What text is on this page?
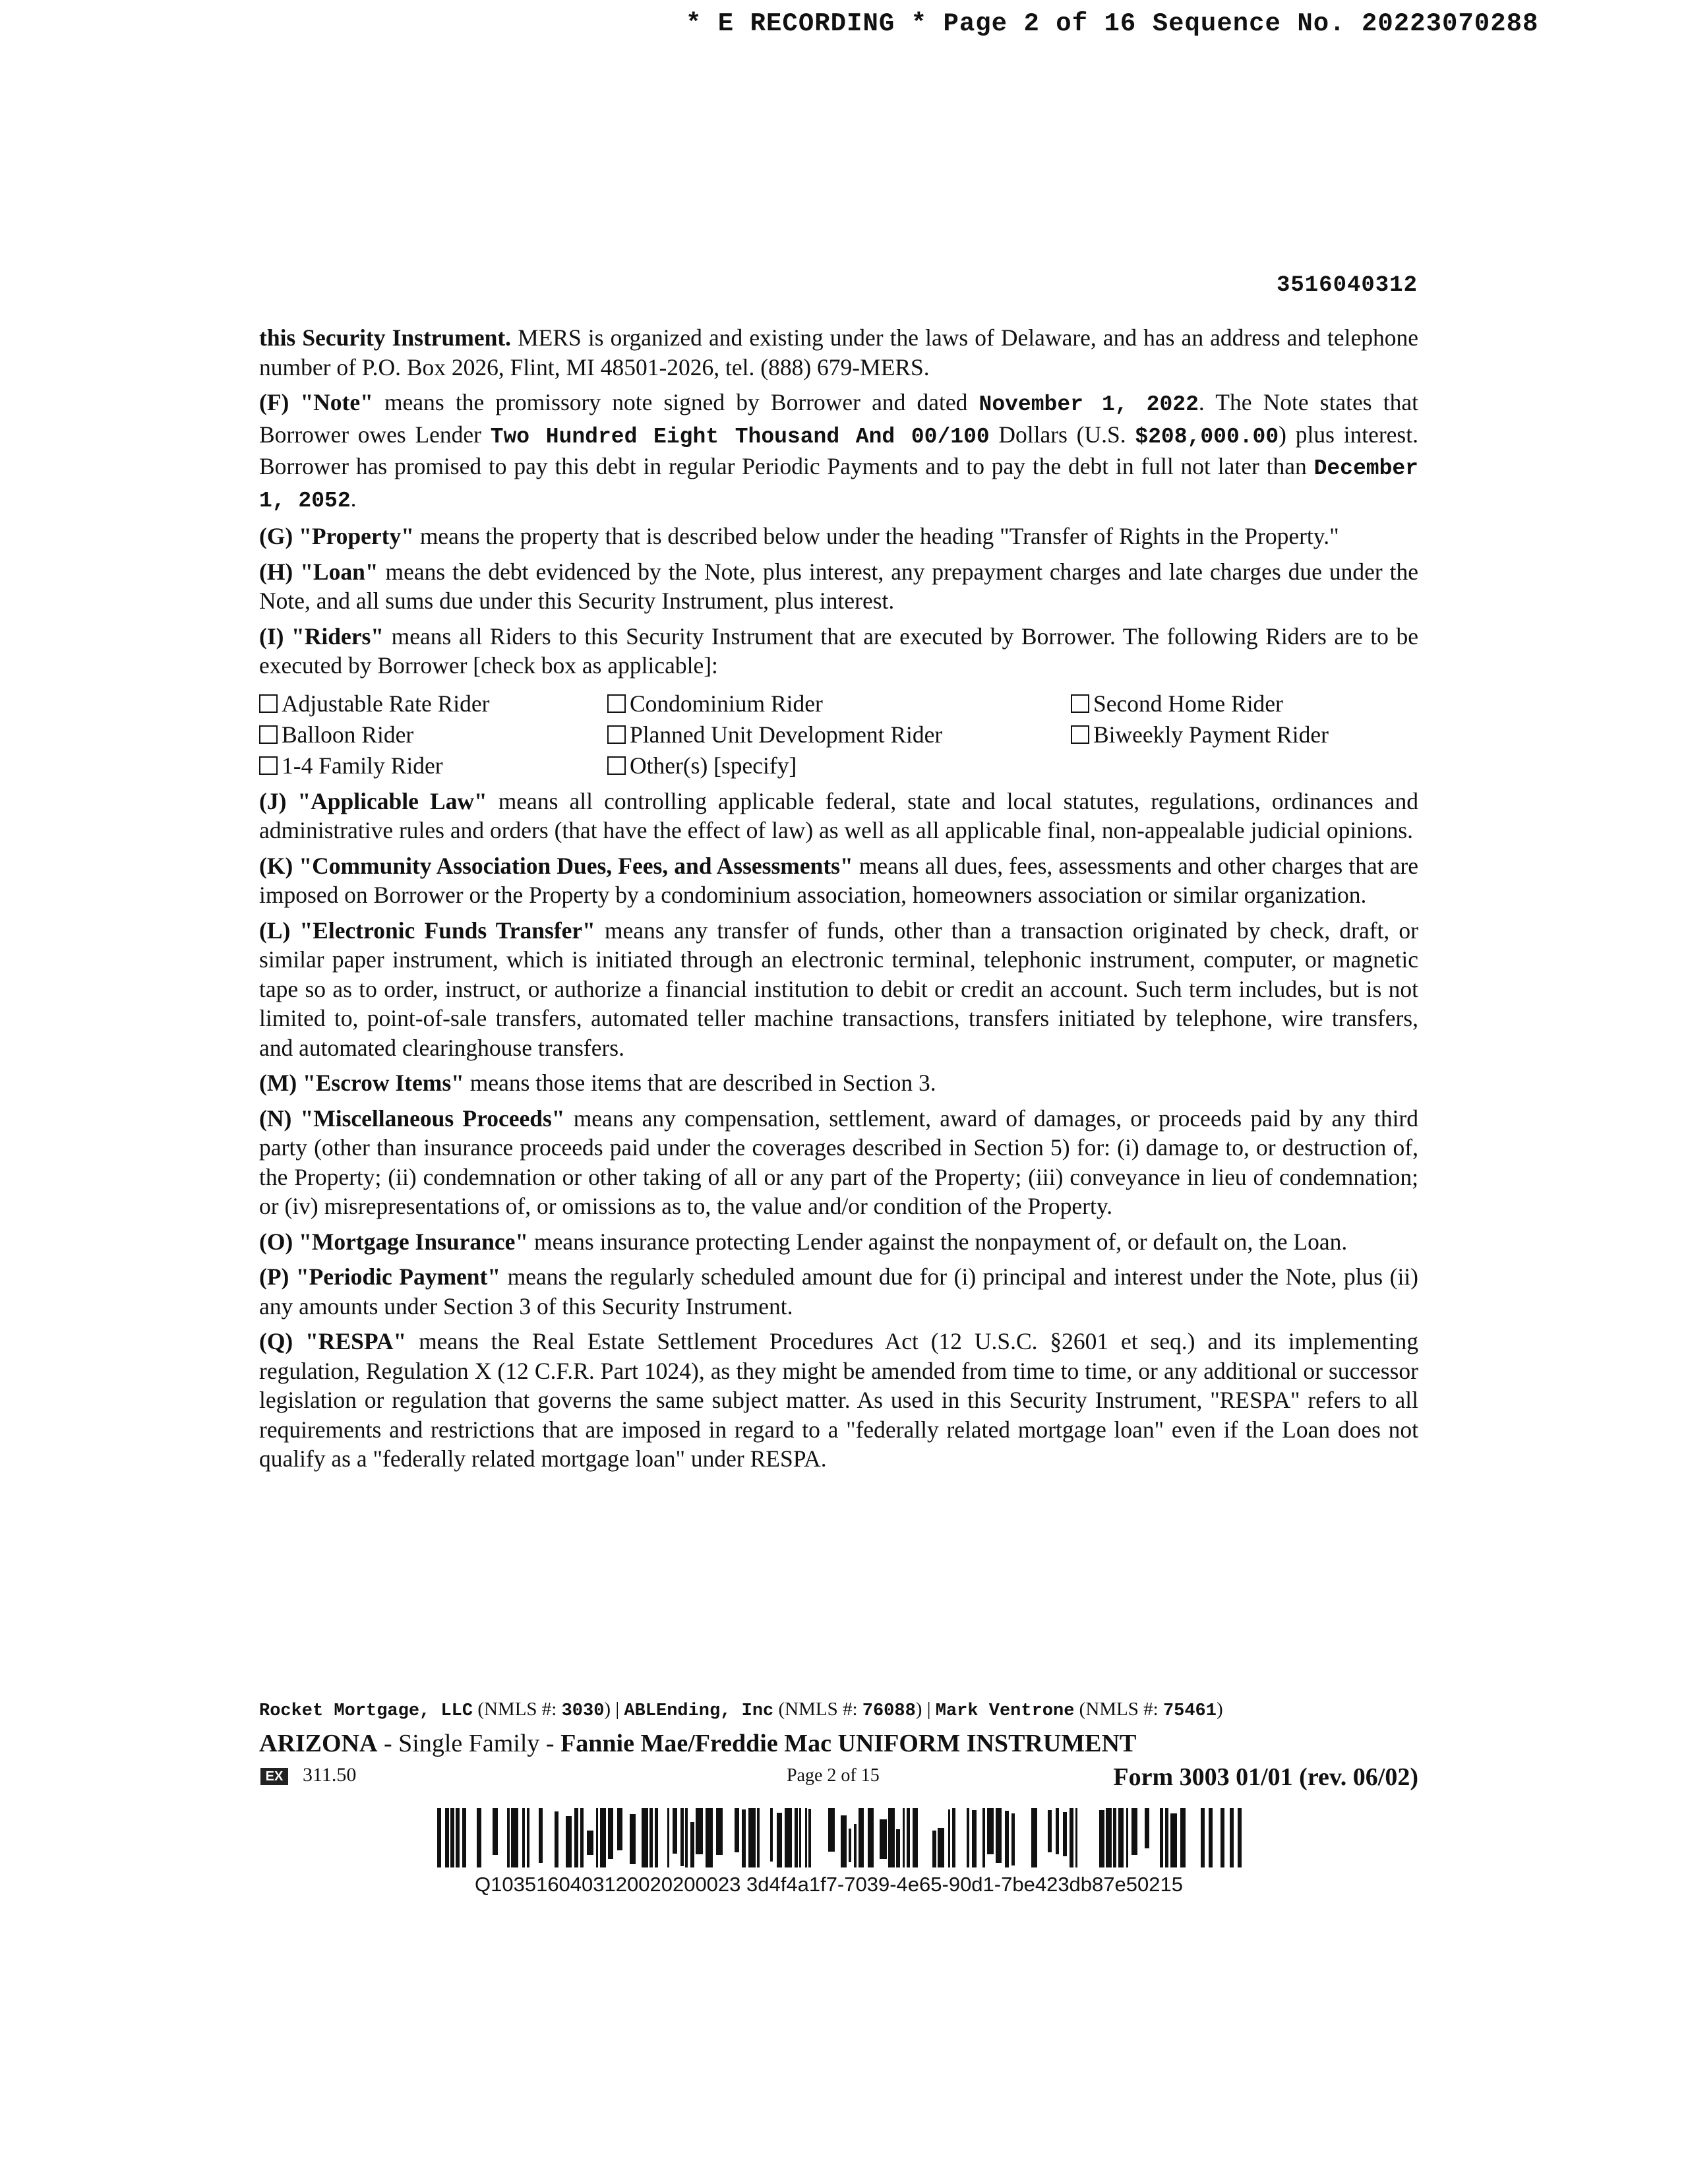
* E RECORDING * Page 2 of 16 Sequence No. 20223070288
3516040312

this Security Instrument. MERS is organized and existing under the laws of Delaware, and has an address and telephone number of P.O. Box 2026, Flint, MI 48501-2026, tel. (888) 679-MERS.

(F) "Note" means the promissory note signed by Borrower and dated November 1, 2022. The Note states that Borrower owes Lender Two Hundred Eight Thousand And 00/100 Dollars (U.S. $208,000.00) plus interest. Borrower has promised to pay this debt in regular Periodic Payments and to pay the debt in full not later than December 1, 2052.

(G) "Property" means the property that is described below under the heading "Transfer of Rights in the Property."

(H) "Loan" means the debt evidenced by the Note, plus interest, any prepayment charges and late charges due under the Note, and all sums due under this Security Instrument, plus interest.

(I) "Riders" means all Riders to this Security Instrument that are executed by Borrower. The following Riders are to be executed by Borrower [check box as applicable]:

Adjustable Rate Rider	Condominium Rider	Second Home Rider
Balloon Rider	Planned Unit Development Rider	Biweekly Payment Rider
1-4 Family Rider	Other(s) [specify]

(J) "Applicable Law" means all controlling applicable federal, state and local statutes, regulations, ordinances and administrative rules and orders (that have the effect of law) as well as all applicable final, non-appealable judicial opinions.

(K) "Community Association Dues, Fees, and Assessments" means all dues, fees, assessments and other charges that are imposed on Borrower or the Property by a condominium association, homeowners association or similar organization.

(L) "Electronic Funds Transfer" means any transfer of funds, other than a transaction originated by check, draft, or similar paper instrument, which is initiated through an electronic terminal, telephonic instrument, computer, or magnetic tape so as to order, instruct, or authorize a financial institution to debit or credit an account. Such term includes, but is not limited to, point-of-sale transfers, automated teller machine transactions, transfers initiated by telephone, wire transfers, and automated clearinghouse transfers.

(M) "Escrow Items" means those items that are described in Section 3.

(N) "Miscellaneous Proceeds" means any compensation, settlement, award of damages, or proceeds paid by any third party (other than insurance proceeds paid under the coverages described in Section 5) for: (i) damage to, or destruction of, the Property; (ii) condemnation or other taking of all or any part of the Property; (iii) conveyance in lieu of condemnation; or (iv) misrepresentations of, or omissions as to, the value and/or condition of the Property.

(O) "Mortgage Insurance" means insurance protecting Lender against the nonpayment of, or default on, the Loan.

(P) "Periodic Payment" means the regularly scheduled amount due for (i) principal and interest under the Note, plus (ii) any amounts under Section 3 of this Security Instrument.

(Q) "RESPA" means the Real Estate Settlement Procedures Act (12 U.S.C. §2601 et seq.) and its implementing regulation, Regulation X (12 C.F.R. Part 1024), as they might be amended from time to time, or any additional or successor legislation or regulation that governs the same subject matter. As used in this Security Instrument, "RESPA" refers to all requirements and restrictions that are imposed in regard to a "federally related mortgage loan" even if the Loan does not qualify as a "federally related mortgage loan" under RESPA.

Rocket Mortgage, LLC (NMLS #: 3030) | ABLEnding, Inc (NMLS #: 76088) | Mark Ventrone (NMLS #: 75461)
ARIZONA - Single Family - Fannie Mae/Freddie Mac UNIFORM INSTRUMENT
EX 311.50	Page 2 of 15	Form 3003 01/01 (rev. 06/02)
Q1035160403120020200023 3d4f4a1f7-7039-4e65-90d1-7be423db87e50215
